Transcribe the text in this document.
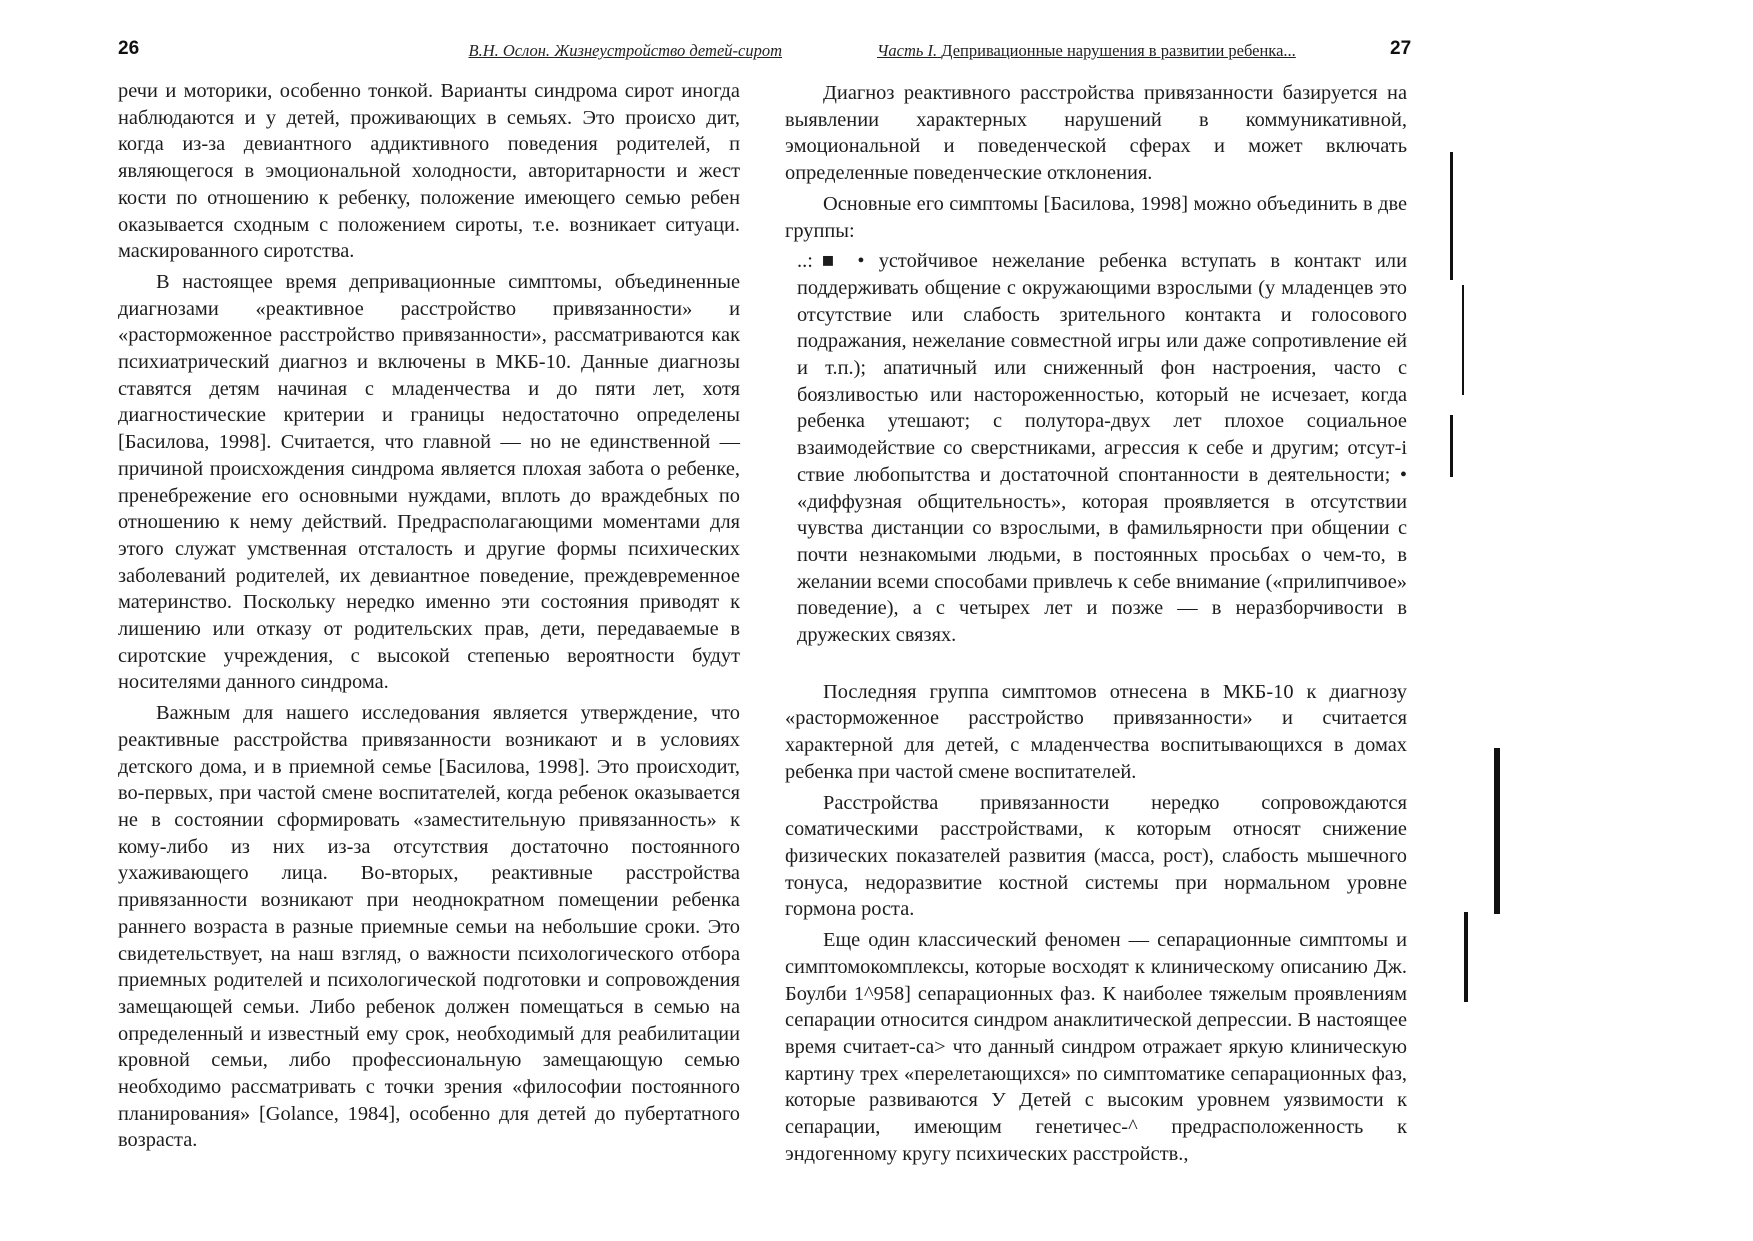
26	В.Н. Ослон. Жизнеустройство детей-сирот

речи и моторики, особенно тонкой. Варианты синдрома сирот иногда наблюдаются и у детей, проживающих в семьях. Это происхо дит, когда из-за девиантного аддиктивного поведения родителей, п являющегося в эмоциональной холодности, авторитарности и жест кости по отношению к ребенку, положение имеющего семью ребен оказывается сходным с положением сироты, т.е. возникает ситуаци. маскированного сиротства.

В настоящее время депривационные симптомы, объединенные диагнозами «реактивное расстройство привязанности» и «расторможенное расстройство привязанности», рассматриваются как психиатрический диагноз и включены в МКБ-10. Данные диагнозы ставятся детям начиная с младенчества и до пяти лет, хотя диагностические критерии и границы недостаточно определены [Басилова, 1998]. Считается, что главной — но не единственной — причиной происхождения синдрома является плохая забота о ребенке, пренебрежение его основными нуждами, вплоть до враждебных по отношению к нему действий. Предрасполагающими моментами для этого служат умственная отсталость и другие формы психических заболеваний родителей, их девиантное поведение, преждевременное материнство. Поскольку нередко именно эти состояния приводят к лишению или отказу от родительских прав, дети, передаваемые в сиротские учреждения, с высокой степенью вероятности будут носителями данного синдрома.

Важным для нашего исследования является утверждение, что реактивные расстройства привязанности возникают и в условиях детского дома, и в приемной семье [Басилова, 1998]. Это происходит, во-первых, при частой смене воспитателей, когда ребенок оказывается не в состоянии сформировать «заместительную привязанность» к кому-либо из них из-за отсутствия достаточно постоянного ухаживающего лица. Во-вторых, реактивные расстройства привязанности возникают при неоднократном помещении ребенка раннего возраста в разные приемные семьи на небольшие сроки. Это свидетельствует, на наш взгляд, о важности психологического отбора приемных родителей и психологической подготовки и сопровождения замещающей семьи. Либо ребенок должен помещаться в семью на определенный и известный ему срок, необходимый для реабилитации кровной семьи, либо профессиональную замещающую семью необходимо рассматривать с точки зрения «философии постоянного планирования» [Golance, 1984], особенно для детей до пубертатного возраста.

Часть I. Депривационные нарушения в развитии ребенка...	27

Диагноз реактивного расстройства привязанности базируется на выявлении характерных нарушений в коммуникативной, эмоциональной и поведенческой сферах и может включать определенные поведенческие отклонения.

Основные его симптомы [Басилова, 1998] можно объединить в две группы:

..:■ • устойчивое нежелание ребенка вступать в контакт или поддерживать общение с окружающими взрослыми (у младенцев это отсутствие или слабость зрительного контакта и голосового подражания, нежелание совместной игры или даже сопротивление ей и т.п.); апатичный или сниженный фон настроения, часто с боязливостью или настороженностью, который не исчезает, когда ребенка утешают; с полутора-двух лет плохое социальное взаимодействие со сверстниками, агрессия к себе и другим; отсут-і ствие любопытства и достаточной спонтанности в деятельности; • «диффузная общительность», которая проявляется в отсутствии чувства дистанции со взрослыми, в фамильярности при общении с почти незнакомыми людьми, в постоянных просьбах о чем-то, в желании всеми способами привлечь к себе внимание («прилипчивое» поведение), а с четырех лет и позже — в неразборчивости в дружеских связях.

Последняя группа симптомов отнесена в МКБ-10 к диагнозу «расторможенное расстройство привязанности» и считается характерной для детей, с младенчества воспитывающихся в домах ребенка при частой смене воспитателей.

Расстройства привязанности нередко сопровождаются соматическими расстройствами, к которым относят снижение физических показателей развития (масса, рост), слабость мышечного тонуса, недоразвитие костной системы при нормальном уровне гормона роста.

Еще один классический феномен — сепарационные симптомы и симптомокомплексы, которые восходят к клиническому описанию Дж. Боулби 1^958] сепарационных фаз. К наиболее тяжелым проявлениям сепарации относится синдром анаклитической депрессии. В настоящее время считает-са> что данный синдром отражает яркую клиническую картину трех «перелетающихся» по симптоматике сепарационных фаз, которые развиваются У Детей с высоким уровнем уязвимости к сепарации, имеющим генетичес-^ предрасположенность к эндогенному кругу психических расстройств.,
